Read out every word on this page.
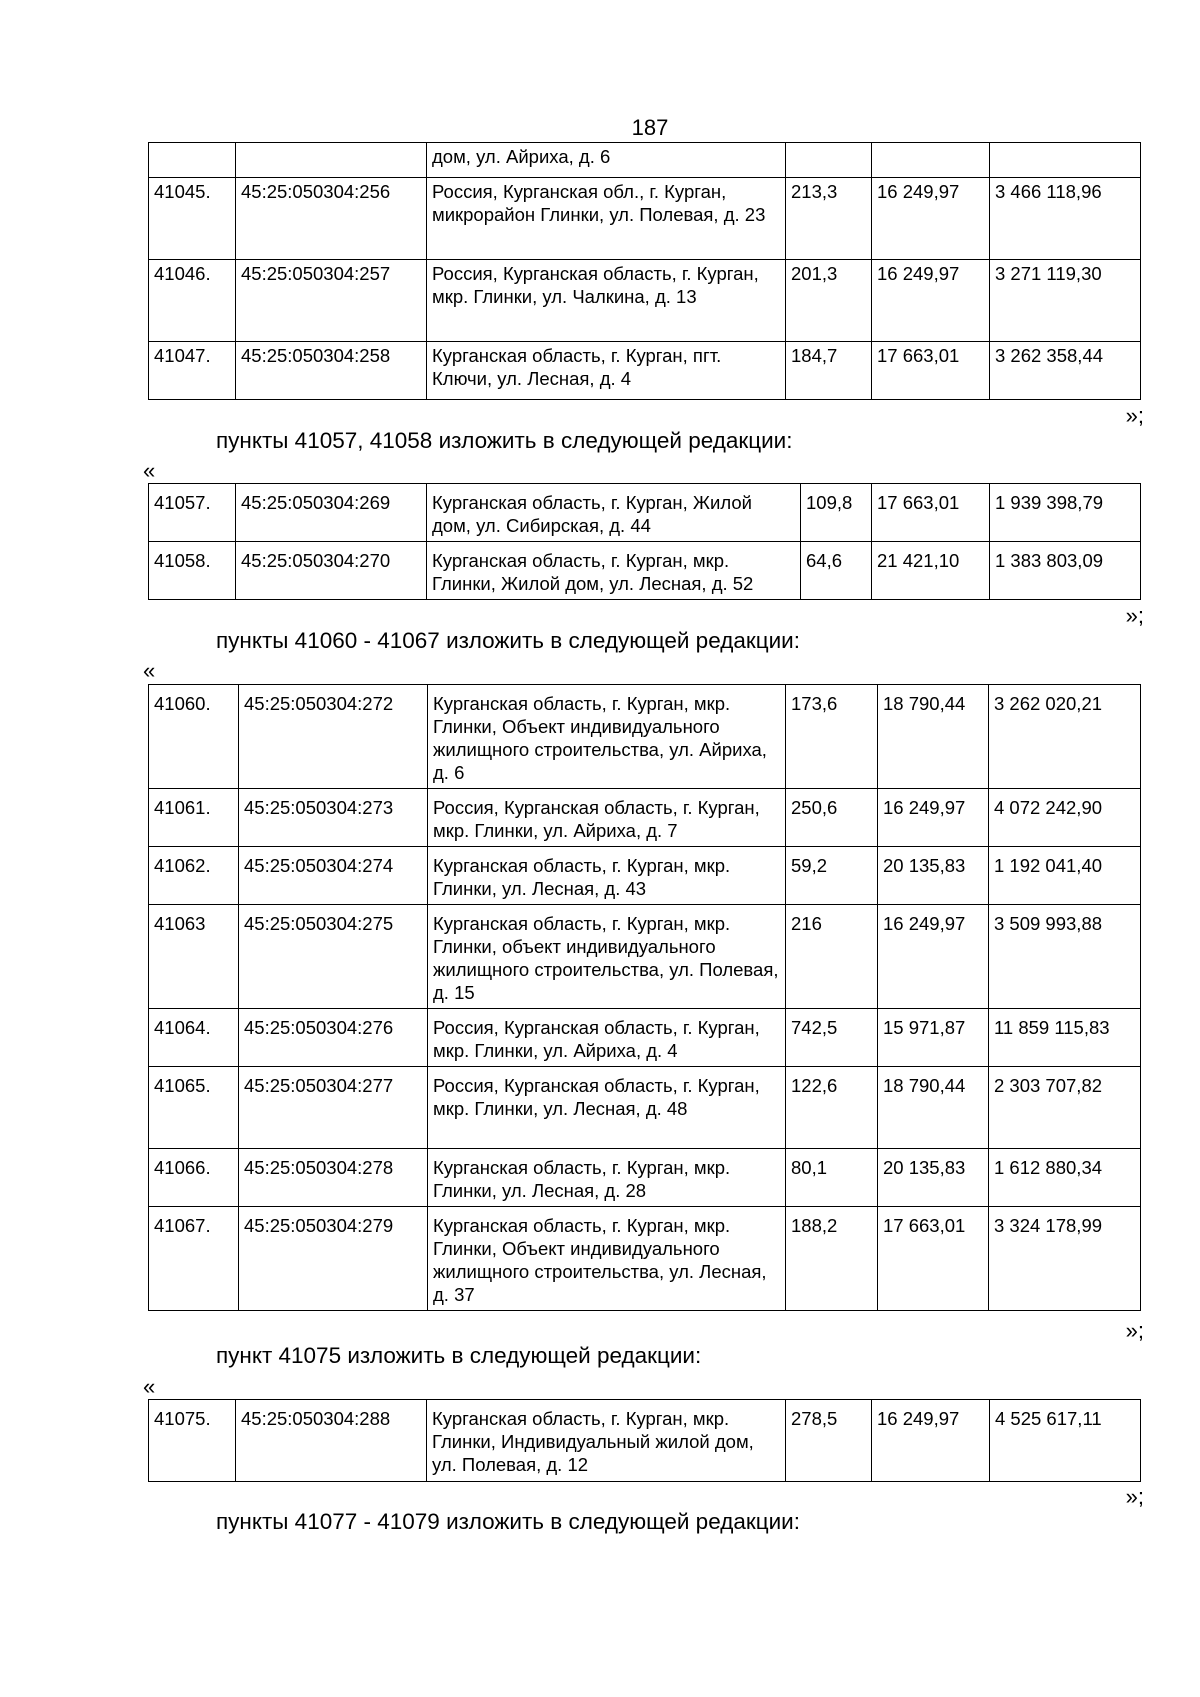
187
		дом, ул. Айриха, д. 6			
41045.	45:25:050304:256	Россия, Курганская обл., г. Курган, микрорайон Глинки, ул. Полевая, д. 23	213,3	16 249,97	3 466 118,96
41046.	45:25:050304:257	Россия, Курганская область, г. Курган, мкр. Глинки, ул. Чалкина, д. 13	201,3	16 249,97	3 271 119,30
41047.	45:25:050304:258	Курганская область, г. Курган, пгт. Ключи, ул. Лесная, д. 4	184,7	17 663,01	3 262 358,44
»;
пункты 41057, 41058 изложить в следующей редакции:
«
41057.	45:25:050304:269	Курганская область, г. Курган, Жилой дом, ул. Сибирская, д. 44	109,8	17 663,01	1 939 398,79
41058.	45:25:050304:270	Курганская область, г. Курган, мкр. Глинки, Жилой дом, ул. Лесная, д. 52	64,6	21 421,10	1 383 803,09
»;
пункты 41060 - 41067 изложить в следующей редакции:
«
41060.	45:25:050304:272	Курганская область, г. Курган, мкр. Глинки, Объект индивидуального жилищного строительства, ул. Айриха, д. 6	173,6	18 790,44	3 262 020,21
41061.	45:25:050304:273	Россия, Курганская область, г. Курган, мкр. Глинки, ул. Айриха, д. 7	250,6	16 249,97	4 072 242,90
41062.	45:25:050304:274	Курганская область, г. Курган, мкр. Глинки, ул. Лесная, д. 43	59,2	20 135,83	1 192 041,40
41063	45:25:050304:275	Курганская область, г. Курган, мкр. Глинки, объект индивидуального жилищного строительства, ул. Полевая, д. 15	216	16 249,97	3 509 993,88
41064.	45:25:050304:276	Россия, Курганская область, г. Курган, мкр. Глинки, ул. Айриха, д. 4	742,5	15 971,87	11 859 115,83
41065.	45:25:050304:277	Россия, Курганская область, г. Курган, мкр. Глинки, ул. Лесная, д. 48	122,6	18 790,44	2 303 707,82
41066.	45:25:050304:278	Курганская область, г. Курган, мкр. Глинки, ул. Лесная, д. 28	80,1	20 135,83	1 612 880,34
41067.	45:25:050304:279	Курганская область, г. Курган, мкр. Глинки, Объект индивидуального жилищного строительства, ул. Лесная, д. 37	188,2	17 663,01	3 324 178,99
»;
пункт 41075 изложить в следующей редакции:
«
41075.	45:25:050304:288	Курганская область, г. Курган, мкр. Глинки, Индивидуальный жилой дом, ул. Полевая, д. 12	278,5	16 249,97	4 525 617,11
»;
пункты 41077 - 41079 изложить в следующей редакции:
